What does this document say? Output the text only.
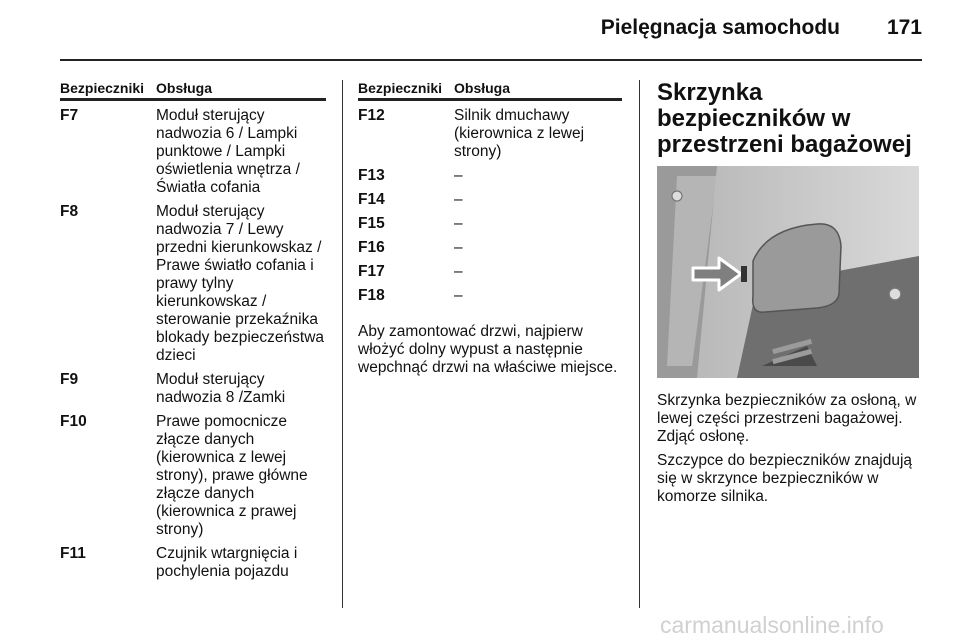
Pielęgnacja samochodu	171
Bezpieczniki Obsługa
F7	Moduł sterujący nadwozia 6 / Lampki punktowe / Lampki oświetlenia wnętrza / Światła cofania
F8	Moduł sterujący nadwozia 7 / Lewy przedni kierunkowskaz / Prawe światło cofania i prawy tylny kierunkowskaz / sterowanie przekaźnika blokady bezpieczeństwa dzieci
F9	Moduł sterujący nadwozia 8 /Zamki
F10	Prawe pomocnicze złącze danych (kierownica z lewej strony), prawe główne złącze danych (kierownica z prawej strony)
F11	Czujnik wtargnięcia i pochylenia pojazdu
Bezpieczniki Obsługa
F12	Silnik dmuchawy (kierownica z lewej strony)
F13	–
F14	–
F15	–
F16	–
F17	–
F18	–

Aby zamontować drzwi, najpierw włożyć dolny wypust a następnie wepchnąć drzwi na właściwe miejsce.

Skrzynka bezpieczników w przestrzeni bagażowej

Skrzynka bezpieczników za osłoną, w lewej części przestrzeni bagażowej. Zdjąć osłonę.

Szczypce do bezpieczników znajdują się w skrzynce bezpieczników w komorze silnika.

carmanualsonline.info
